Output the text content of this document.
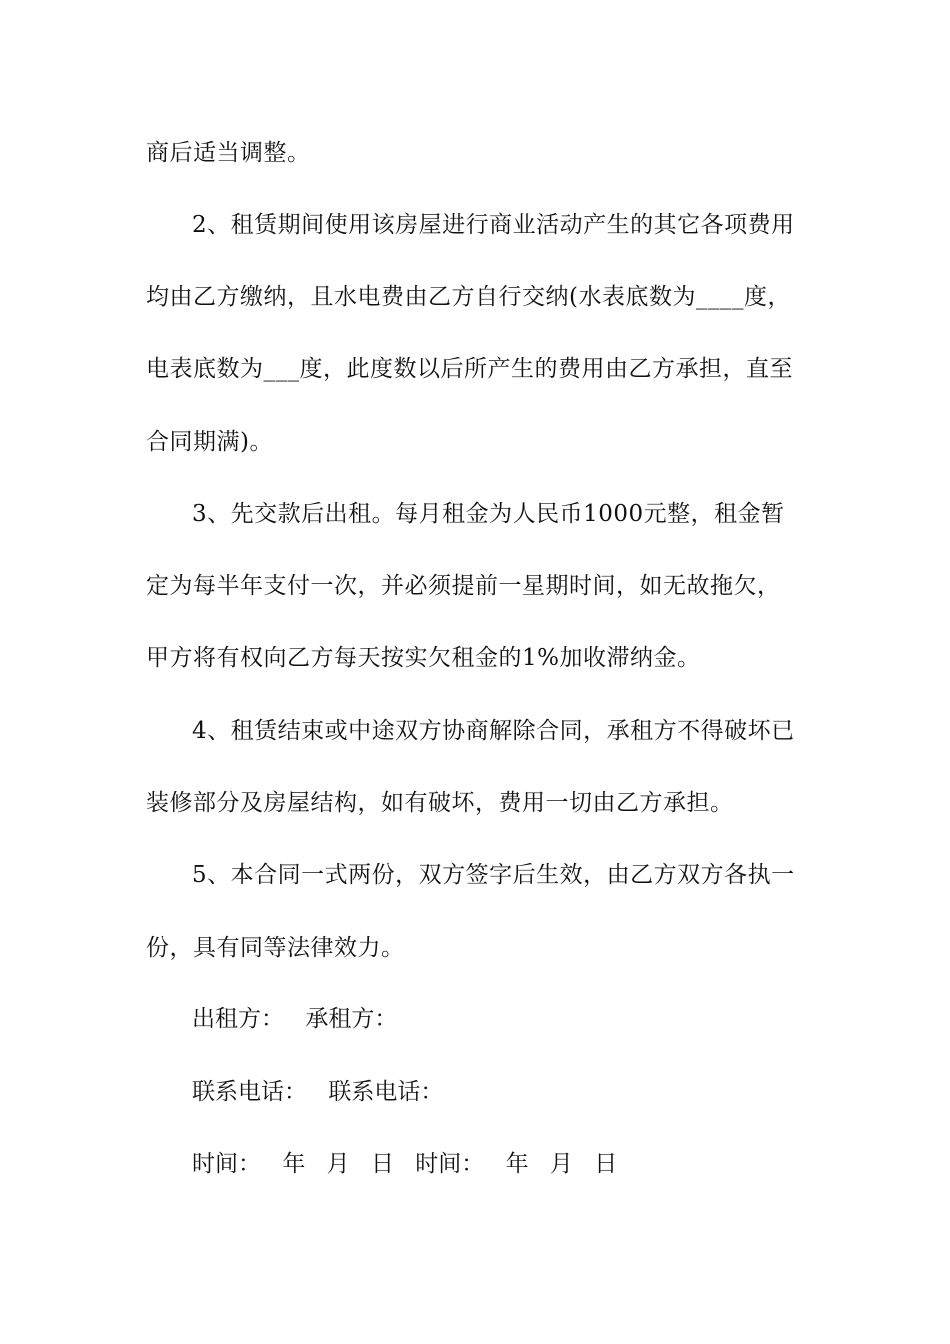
商后适当调整。
2、租赁期间使用该房屋进行商业活动产生的其它各项费用
均由乙方缴纳，且水电费由乙方自行交纳(水表底数为____度，
电表底数为___度，此度数以后所产生的费用由乙方承担，直至
合同期满)。
3、先交款后出租。每月租金为人民币1000元整，租金暂
定为每半年支付一次，并必须提前一星期时间，如无故拖欠，
甲方将有权向乙方每天按实欠租金的1%加收滞纳金。
4、租赁结束或中途双方协商解除合同，承租方不得破坏已
装修部分及房屋结构，如有破坏，费用一切由乙方承担。
5、本合同一式两份，双方签字后生效，由乙方双方各执一
份，具有同等法律效力。
出租方： 承租方：
联系电话： 联系电话：
时间： 年 月 日 时间： 年 月 日
